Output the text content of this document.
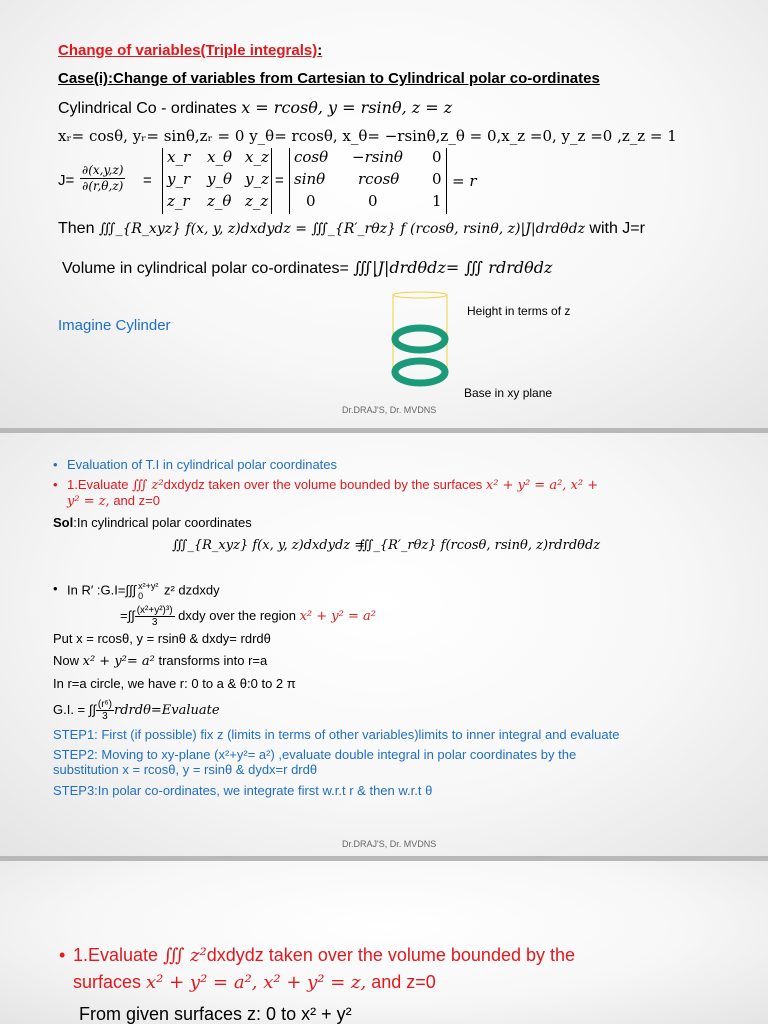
Change of variables(Triple integrals):
Case(i):Change of variables from Cartesian to Cylindrical polar co-ordinates
Cylindrical Co - ordinates x = rcosθ, y = rsinθ, z = z
xᵣ= cosθ, yᵣ= sinθ,zᵣ = 0 y_θ= rcosθ, x_θ= −rsinθ,z_θ = 0,x_z =0, y_z =0 ,z_z = 1
$J= \frac{\partial(x,y,z)}{\partial(r,\theta,z)}$ =
x_r x_θ x_z
y_r y_θ y_z
z_r z_θ z_z
=
cosθ −rsinθ 0
sinθ rcosθ 0
0	0	1
= r
Then ∭_{R_xyz} f(x, y, z)dxdydz = ∭_{R′_rθz} f (rcosθ, rsinθ, z)|J|drdθdz with J=r
Volume in cylindrical polar co-ordinates= ∭|J|drdθdz= ∭ rdrdθdz
Imagine Cylinder
Height in terms of z
Base in xy plane
Dr.DRAJ'S, Dr. MVDNS
• Evaluation of T.I in cylindrical polar coordinates
• 1.Evaluate ∭ z²dxdydz taken over the volume bounded by the surfaces x² + y² = a², x² +
y² = z, and z=0
Sol:In cylindrical polar coordinates
∭_{R_xyz} f(x, y, z)dxdydz =
∭_{R′_rθz} f(rcosθ, rsinθ, z)rdrdθdz
• In R′ :G.I=∫∫∫ x²+y²
0	z² dzdxdy
=∫∫ $\frac{\text{(x²+y²)³)}}{3}$ dxdy over the region x² + y² = a²
Put x = rcosθ, y = rsinθ & dxdy= rdrdθ
Now x² + y²= a² transforms into r=a
In r=a circle, we have r: 0 to a & θ:0 to 2 π
G.I. = ∫∫ $\frac{\text{(r⁶)}}{3}$ rdrdθ=Evaluate
STEP1: First (if possible) fix z (limits in terms of other variables)limits to inner integral and evaluate
STEP2: Moving to xy-plane (x²+y²= a²) ,evaluate double integral in polar coordinates by the
substitution x = rcosθ, y = rsinθ & dydx=r drdθ
STEP3:In polar co-ordinates, we integrate first w.r.t r & then w.r.t θ
Dr.DRAJ'S, Dr. MVDNS
• 1.Evaluate ∭ z²dxdydz taken over the volume bounded by the
surfaces x² + y² = a², x² + y² = z, and z=0
From given surfaces z: 0 to x² + y²
